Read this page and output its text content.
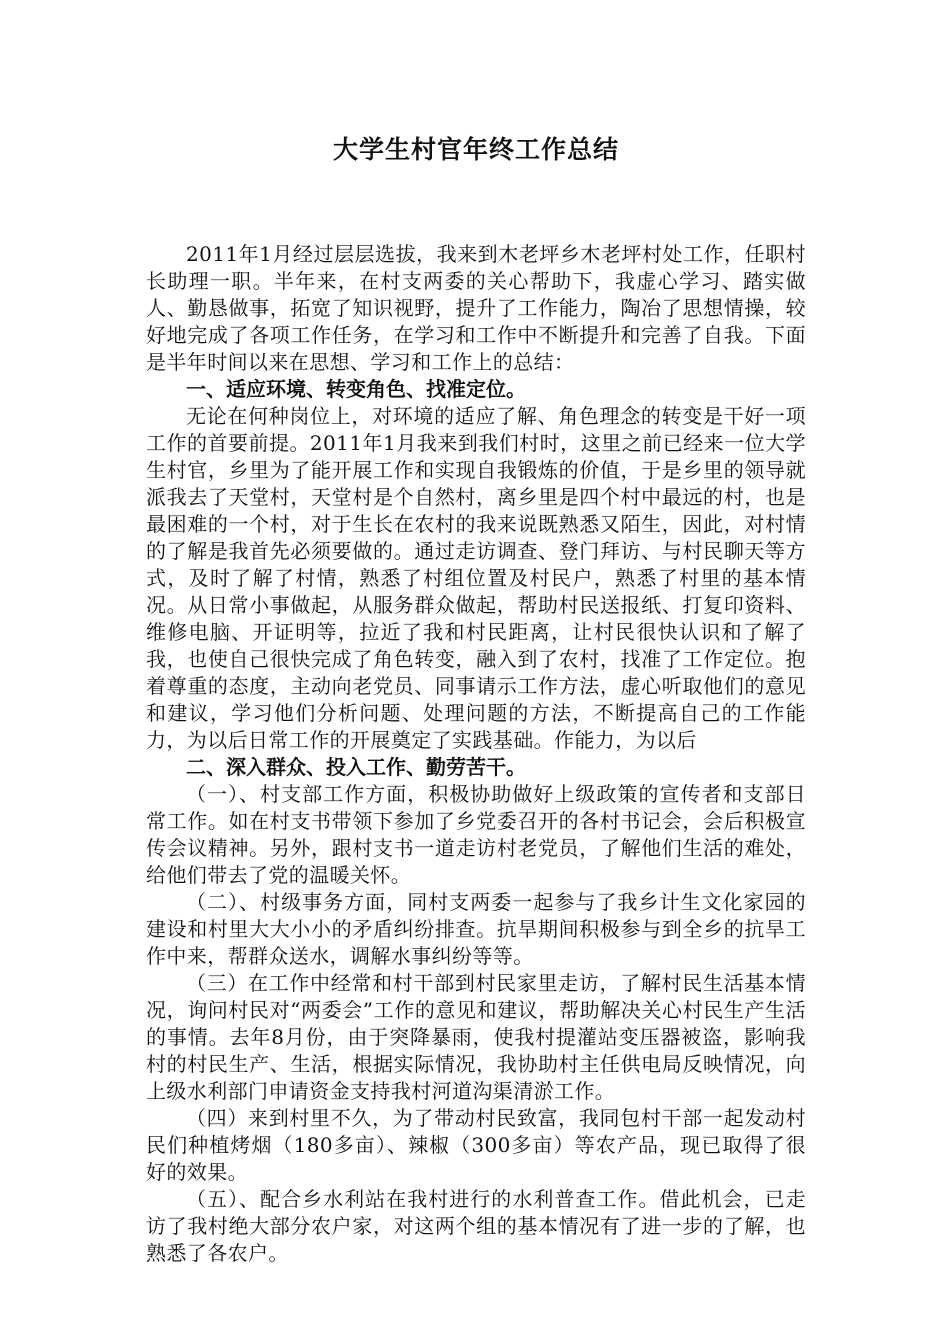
大学生村官年终工作总结

2011年1月经过层层选拔，我来到木老坪乡木老坪村处工作，任职村长助理一职。半年来，在村支两委的关心帮助下，我虚心学习、踏实做人、勤恳做事，拓宽了知识视野，提升了工作能力，陶冶了思想情操，较好地完成了各项工作任务，在学习和工作中不断提升和完善了自我。下面是半年时间以来在思想、学习和工作上的总结：

一、适应环境、转变角色、找准定位。

无论在何种岗位上，对环境的适应了解、角色理念的转变是干好一项工作的首要前提。2011年1月我来到我们村时，这里之前已经来一位大学生村官，乡里为了能开展工作和实现自我锻炼的价值，于是乡里的领导就派我去了天堂村，天堂村是个自然村，离乡里是四个村中最远的村，也是最困难的一个村，对于生长在农村的我来说既熟悉又陌生，因此，对村情的了解是我首先必须要做的。通过走访调查、登门拜访、与村民聊天等方式，及时了解了村情，熟悉了村组位置及村民户，熟悉了村里的基本情况。从日常小事做起，从服务群众做起，帮助村民送报纸、打复印资料、维修电脑、开证明等，拉近了我和村民距离，让村民很快认识和了解了我，也使自己很快完成了角色转变，融入到了农村，找准了工作定位。抱着尊重的态度，主动向老党员、同事请示工作方法，虚心听取他们的意见和建议，学习他们分析问题、处理问题的方法，不断提高自己的工作能力，为以后日常工作的开展奠定了实践基础。作能力，为以后

二、深入群众、投入工作、勤劳苦干。

（一）、村支部工作方面，积极协助做好上级政策的宣传者和支部日常工作。如在村支书带领下参加了乡党委召开的各村书记会，会后积极宣传会议精神。另外，跟村支书一道走访村老党员，了解他们生活的难处，给他们带去了党的温暖关怀。

（二）、村级事务方面，同村支两委一起参与了我乡计生文化家园的建设和村里大大小小的矛盾纠纷排查。抗旱期间积极参与到全乡的抗旱工作中来，帮群众送水，调解水事纠纷等等。

（三）在工作中经常和村干部到村民家里走访，了解村民生活基本情况，询问村民对“两委会”工作的意见和建议，帮助解决关心村民生产生活的事情。去年8月份，由于突降暴雨，使我村提灌站变压器被盗，影响我村的村民生产、生活，根据实际情况，我协助村主任供电局反映情况，向上级水利部门申请资金支持我村河道沟渠清淤工作。

（四）来到村里不久，为了带动村民致富，我同包村干部一起发动村民们种植烤烟（180多亩）、辣椒（300多亩）等农产品，现已取得了很好的效果。

（五）、配合乡水利站在我村进行的水利普查工作。借此机会，已走访了我村绝大部分农户家，对这两个组的基本情况有了进一步的了解，也熟悉了各农户。
